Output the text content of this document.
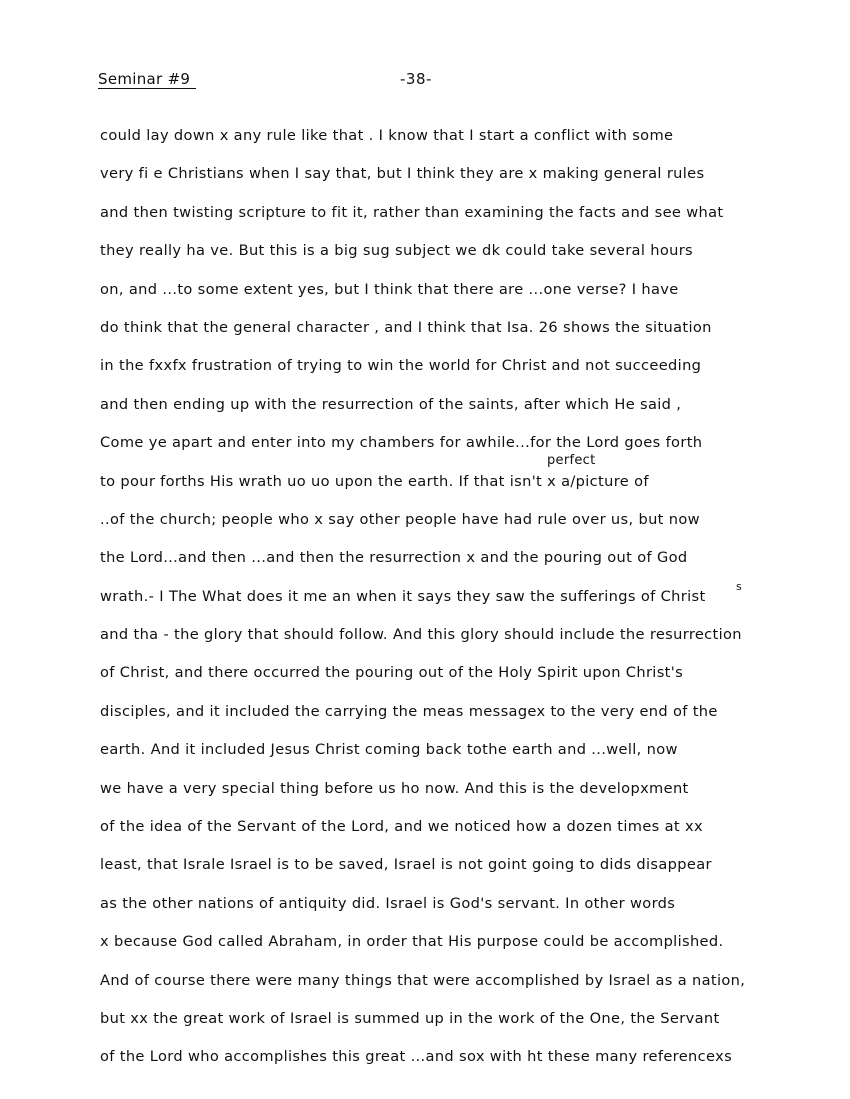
Seminar #9	-38-
perfect
s
could lay down x any rule like that . I know that I start a conflict with some
very fi e Christians when I say that, but I think they are x making general rules
and then twisting scripture to fit it, rather than examining the facts and see what
they really ha ve. But this is a big sug subject we dk could take several hours
on, and ...to some extent yes, but I think that there are ...one verse? I have
do think that the general character , and I think that Isa. 26 shows the situation
in the fxxfx frustration of trying to win the world for Christ and not succeeding
and then ending up with the resurrection of the saints, after which He said ,
Come ye apart and enter into my chambers for awhile...for the Lord goes forth
to pour forths His wrath uo uo upon the earth. If that isn't x a/picture of
..of the church; people who x say other people have had rule over us, but now
the Lord...and then ...and then the resurrection x and the pouring out of God
wrath.- I The What does it me an when it says they saw the sufferings of Christ
and tha - the glory that should follow. And this glory should include the resurrection
of Christ, and there occurred the pouring out of the Holy Spirit upon Christ's
disciples, and it included the carrying the meas messagex to the very end of the
earth. And it included Jesus Christ coming back tothe earth and ...well, now
we have a very special thing before us ho now. And this is the developxment
of the idea of the Servant of the Lord, and we noticed how a dozen times at xx
least, that Israle Israel is to be saved, Israel is not goint going to dids disappear
as the other nations of antiquity did. Israel is God's servant. In other words
x because God called Abraham, in order that His purpose could be accomplished.
And of course there were many things that were accomplished by Israel as a nation,
but xx the great work of Israel is summed up in the work of the One, the Servant
of the Lord who accomplishes this great ...and sox with ht these many referencexs
